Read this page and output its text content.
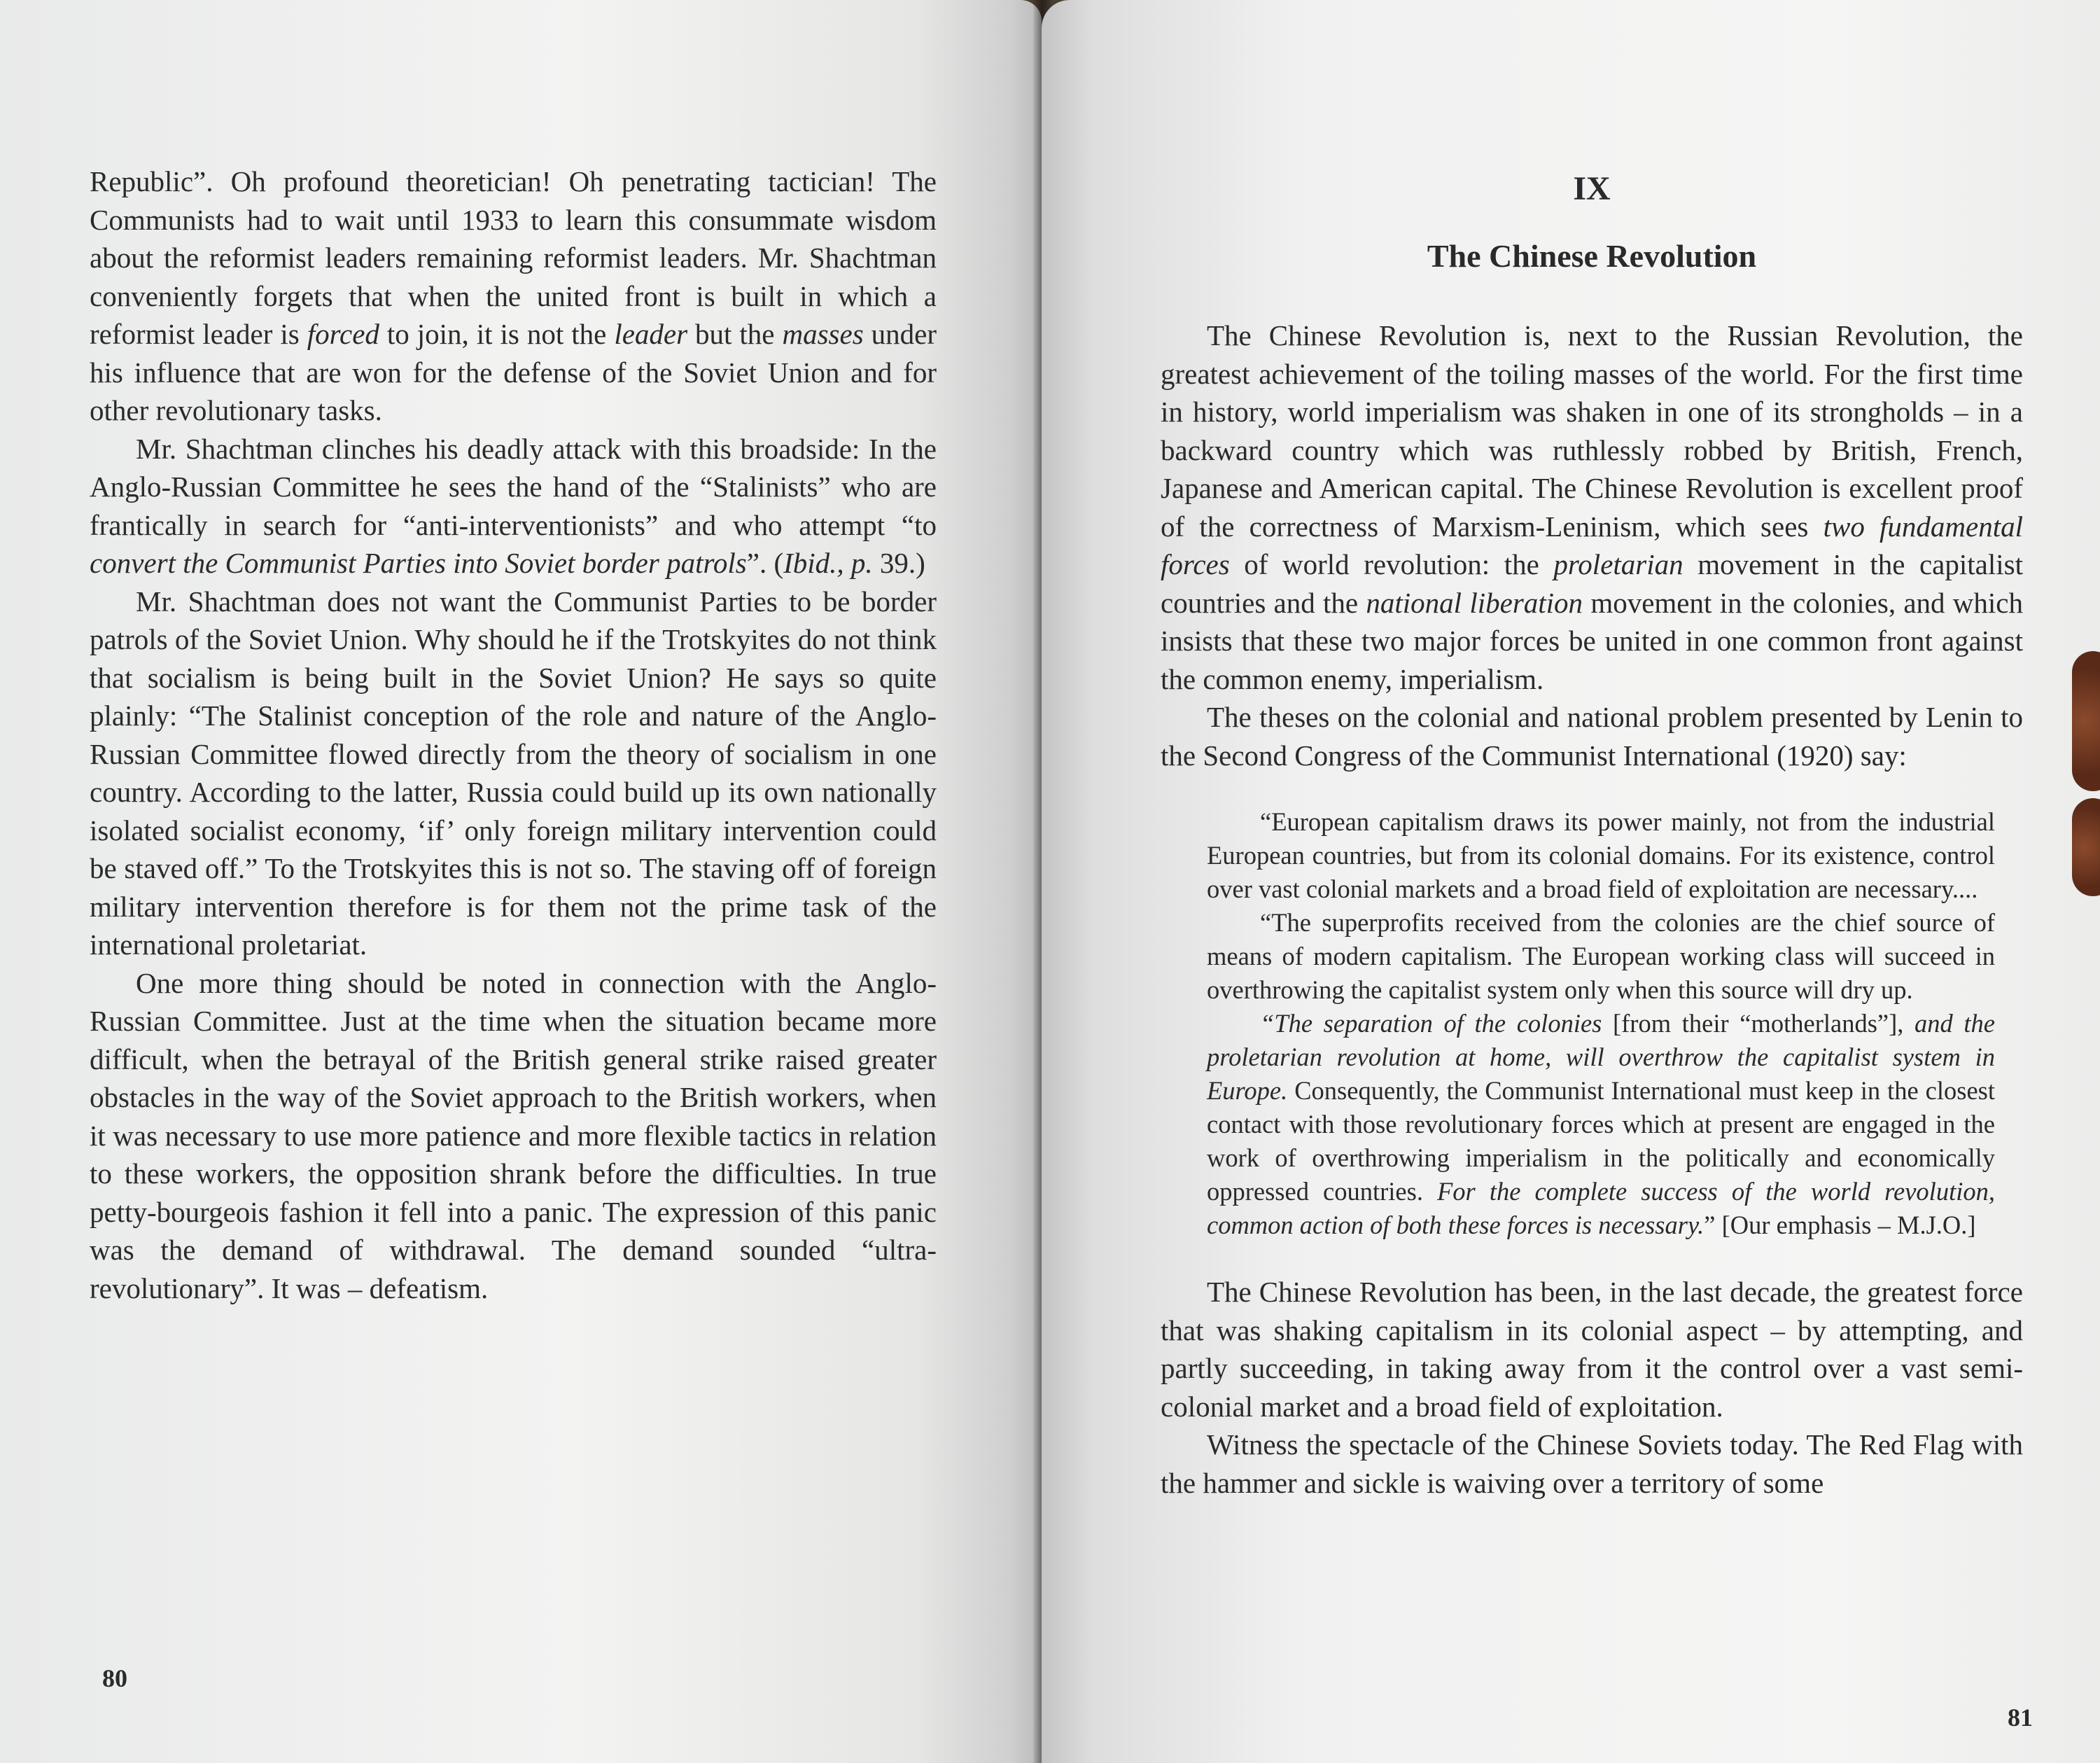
Republic”. Oh profound theoretician! Oh penetrating tactician! The Communists had to wait until 1933 to learn this consummate wisdom about the reformist leaders remaining reformist leaders. Mr. Shachtman conveniently forgets that when the united front is built in which a reformist leader is forced to join, it is not the leader but the masses under his influence that are won for the defense of the Soviet Union and for other revolutionary tasks.

Mr. Shachtman clinches his deadly attack with this broadside: In the Anglo-Russian Committee he sees the hand of the “Stalinists” who are frantically in search for “anti-interventionists” and who attempt “to convert the Communist Parties into Soviet border patrols”. (Ibid., p. 39.)

Mr. Shachtman does not want the Communist Parties to be border patrols of the Soviet Union. Why should he if the Trotskyites do not think that socialism is being built in the Soviet Union? He says so quite plainly: “The Stalinist conception of the role and nature of the Anglo-Russian Committee flowed directly from the theory of socialism in one country. According to the latter, Russia could build up its own nationally isolated socialist economy, ‘if’ only foreign military intervention could be staved off.” To the Trotskyites this is not so. The staving off of foreign military intervention therefore is for them not the prime task of the international proletariat.

One more thing should be noted in connection with the Anglo-Russian Committee. Just at the time when the situation became more difficult, when the betrayal of the British general strike raised greater obstacles in the way of the Soviet approach to the British workers, when it was necessary to use more patience and more flexible tactics in relation to these workers, the opposition shrank before the difficulties. In true petty-bourgeois fashion it fell into a panic. The expression of this panic was the demand of withdrawal. The demand sounded “ultra-revolutionary”. It was – defeatism.

80
IX
The Chinese Revolution

The Chinese Revolution is, next to the Russian Revolution, the greatest achievement of the toiling masses of the world. For the first time in history, world imperialism was shaken in one of its strongholds – in a backward country which was ruthlessly robbed by British, French, Japanese and American capital. The Chinese Revolution is excellent proof of the correctness of Marxism-Leninism, which sees two fundamental forces of world revolution: the proletarian movement in the capitalist countries and the national liberation movement in the colonies, and which insists that these two major forces be united in one common front against the common enemy, imperialism.

The theses on the colonial and national problem presented by Lenin to the Second Congress of the Communist International (1920) say:

“European capitalism draws its power mainly, not from the industrial European countries, but from its colonial domains. For its existence, control over vast colonial markets and a broad field of exploitation are necessary....

“The superprofits received from the colonies are the chief source of means of modern capitalism. The European working class will succeed in overthrowing the capitalist system only when this source will dry up.

“The separation of the colonies [from their “motherlands”], and the proletarian revolution at home, will overthrow the capitalist system in Europe. Consequently, the Communist International must keep in the closest contact with those revolutionary forces which at present are engaged in the work of overthrowing imperialism in the politically and economically oppressed countries. For the complete success of the world revolution, common action of both these forces is necessary.” [Our emphasis – M.J.O.]

The Chinese Revolution has been, in the last decade, the greatest force that was shaking capitalism in its colonial aspect – by attempting, and partly succeeding, in taking away from it the control over a vast semi-colonial market and a broad field of exploitation.

Witness the spectacle of the Chinese Soviets today. The Red Flag with the hammer and sickle is waiving over a territory of some

81
